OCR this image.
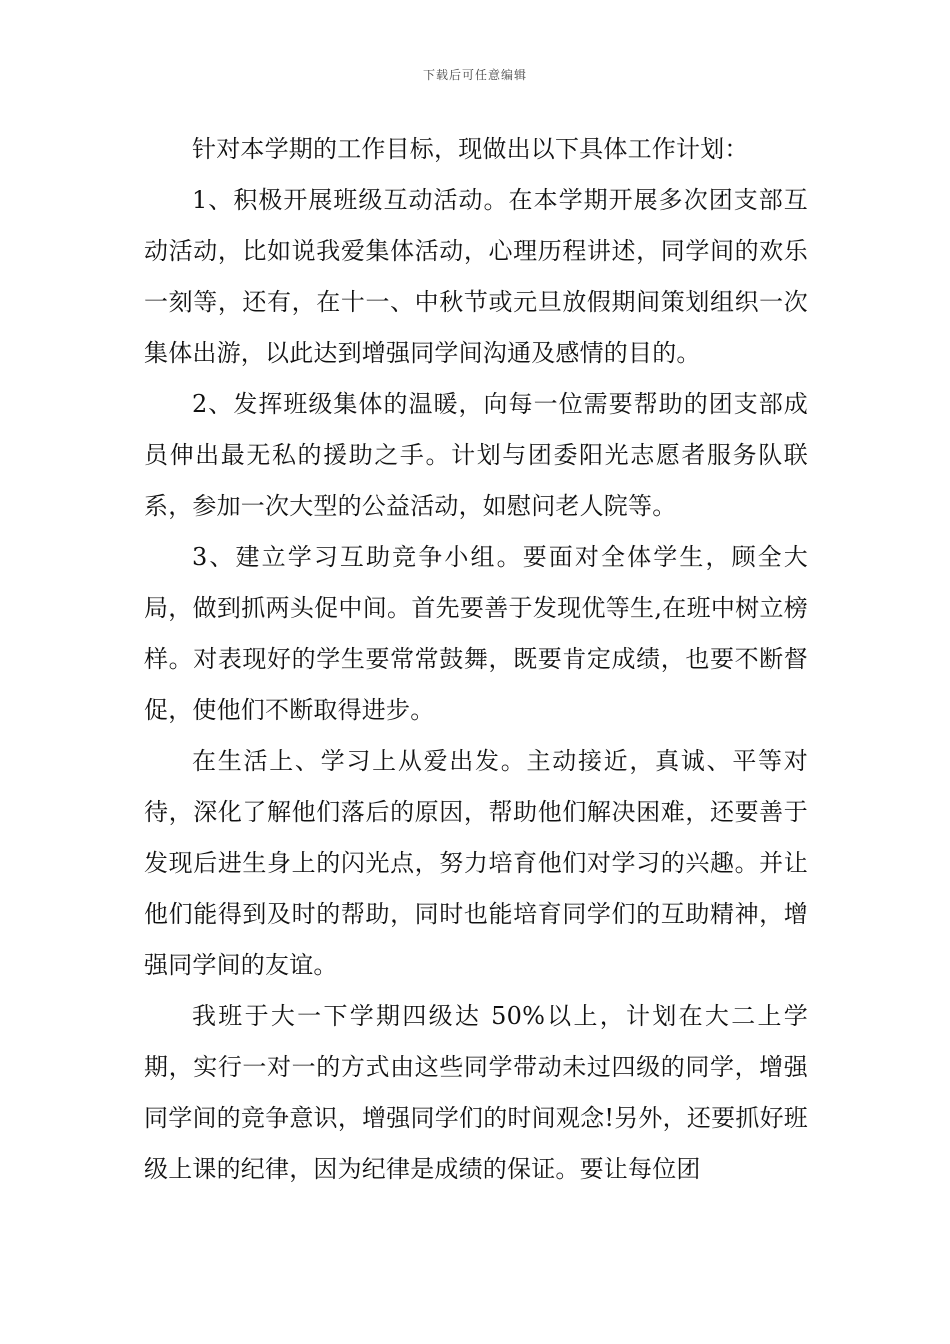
下载后可任意编辑

针对本学期的工作目标，现做出以下具体工作计划：

1、积极开展班级互动活动。在本学期开展多次团支部互动活动，比如说我爱集体活动，心理历程讲述，同学间的欢乐一刻等，还有，在十一、中秋节或元旦放假期间策划组织一次集体出游，以此达到增强同学间沟通及感情的目的。

2、发挥班级集体的温暖，向每一位需要帮助的团支部成员伸出最无私的援助之手。计划与团委阳光志愿者服务队联系，参加一次大型的公益活动，如慰问老人院等。

3、建立学习互助竞争小组。要面对全体学生，顾全大局，做到抓两头促中间。首先要善于发现优等生,在班中树立榜样。对表现好的学生要常常鼓舞，既要肯定成绩，也要不断督促，使他们不断取得进步。

在生活上、学习上从爱出发。主动接近，真诚、平等对待，深化了解他们落后的原因，帮助他们解决困难，还要善于发现后进生身上的闪光点，努力培育他们对学习的兴趣。并让他们能得到及时的帮助，同时也能培育同学们的互助精神，增强同学间的友谊。

我班于大一下学期四级达 50%以上，计划在大二上学期，实行一对一的方式由这些同学带动未过四级的同学，增强同学间的竞争意识，增强同学们的时间观念!另外，还要抓好班级上课的纪律，因为纪律是成绩的保证。要让每位团
